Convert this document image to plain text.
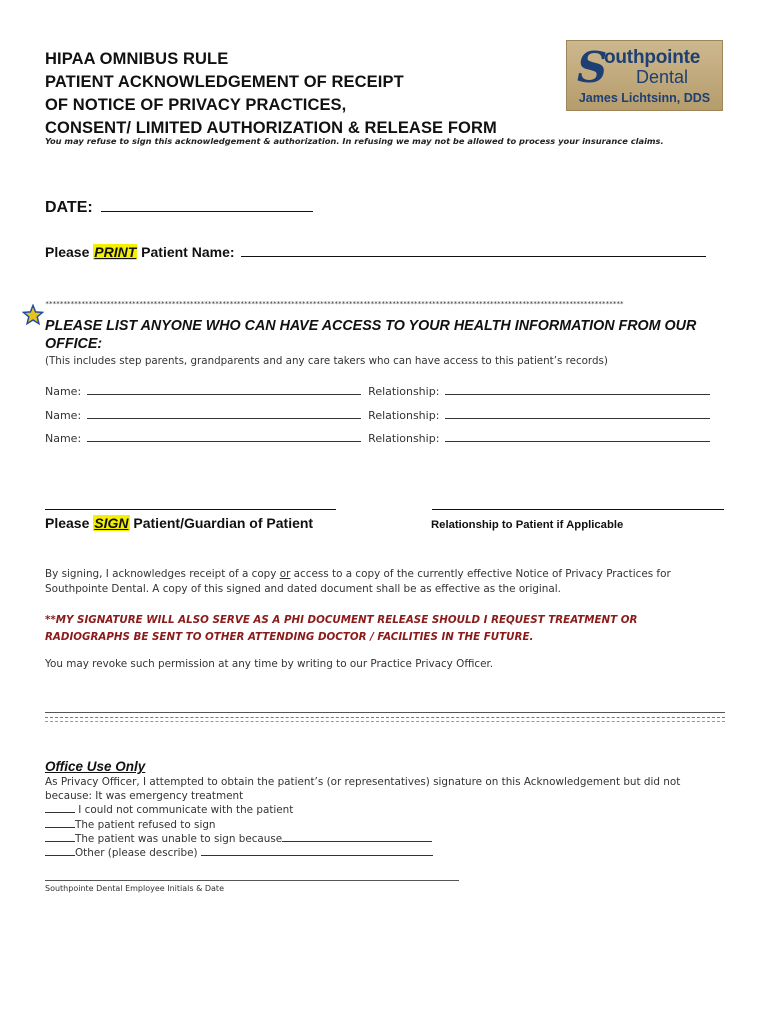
HIPAA OMNIBUS RULE
PATIENT ACKNOWLEDGEMENT OF RECEIPT
OF NOTICE OF PRIVACY PRACTICES,
CONSENT/ LIMITED AUTHORIZATION & RELEASE FORM
You may refuse to sign this acknowledgement & authorization. In refusing we may not be allowed to process your insurance claims.
S
outhpointe
Dental
James Lichtsinn, DDS
DATE:
Please PRINT Patient Name:
****************************************************************************************************************************************************************
PLEASE LIST ANYONE WHO CAN HAVE ACCESS TO YOUR HEALTH INFORMATION FROM OUR OFFICE:
(This includes step parents, grandparents and any care takers who can have access to this patient’s records)
Name:	Relationship:
Name:	Relationship:
Name:	Relationship:
Please SIGN Patient/Guardian of Patient	Relationship to Patient if Applicable
By signing, I acknowledges receipt of a copy or access to a copy of the currently effective Notice of Privacy Practices for Southpointe Dental. A copy of this signed and dated document shall be as effective as the original.
**MY SIGNATURE WILL ALSO SERVE AS A PHI DOCUMENT RELEASE SHOULD I REQUEST TREATMENT OR RADIOGRAPHS BE SENT TO OTHER ATTENDING DOCTOR / FACILITIES IN THE FUTURE.
You may revoke such permission at any time by writing to our Practice Privacy Officer.
Office Use Only
As Privacy Officer, I attempted to obtain the patient’s (or representatives) signature on this Acknowledgement but did not
because: It was emergency treatment
I could not communicate with the patient
The patient refused to sign
The patient was unable to sign because
Other (please describe)
Southpointe Dental Employee Initials & Date
